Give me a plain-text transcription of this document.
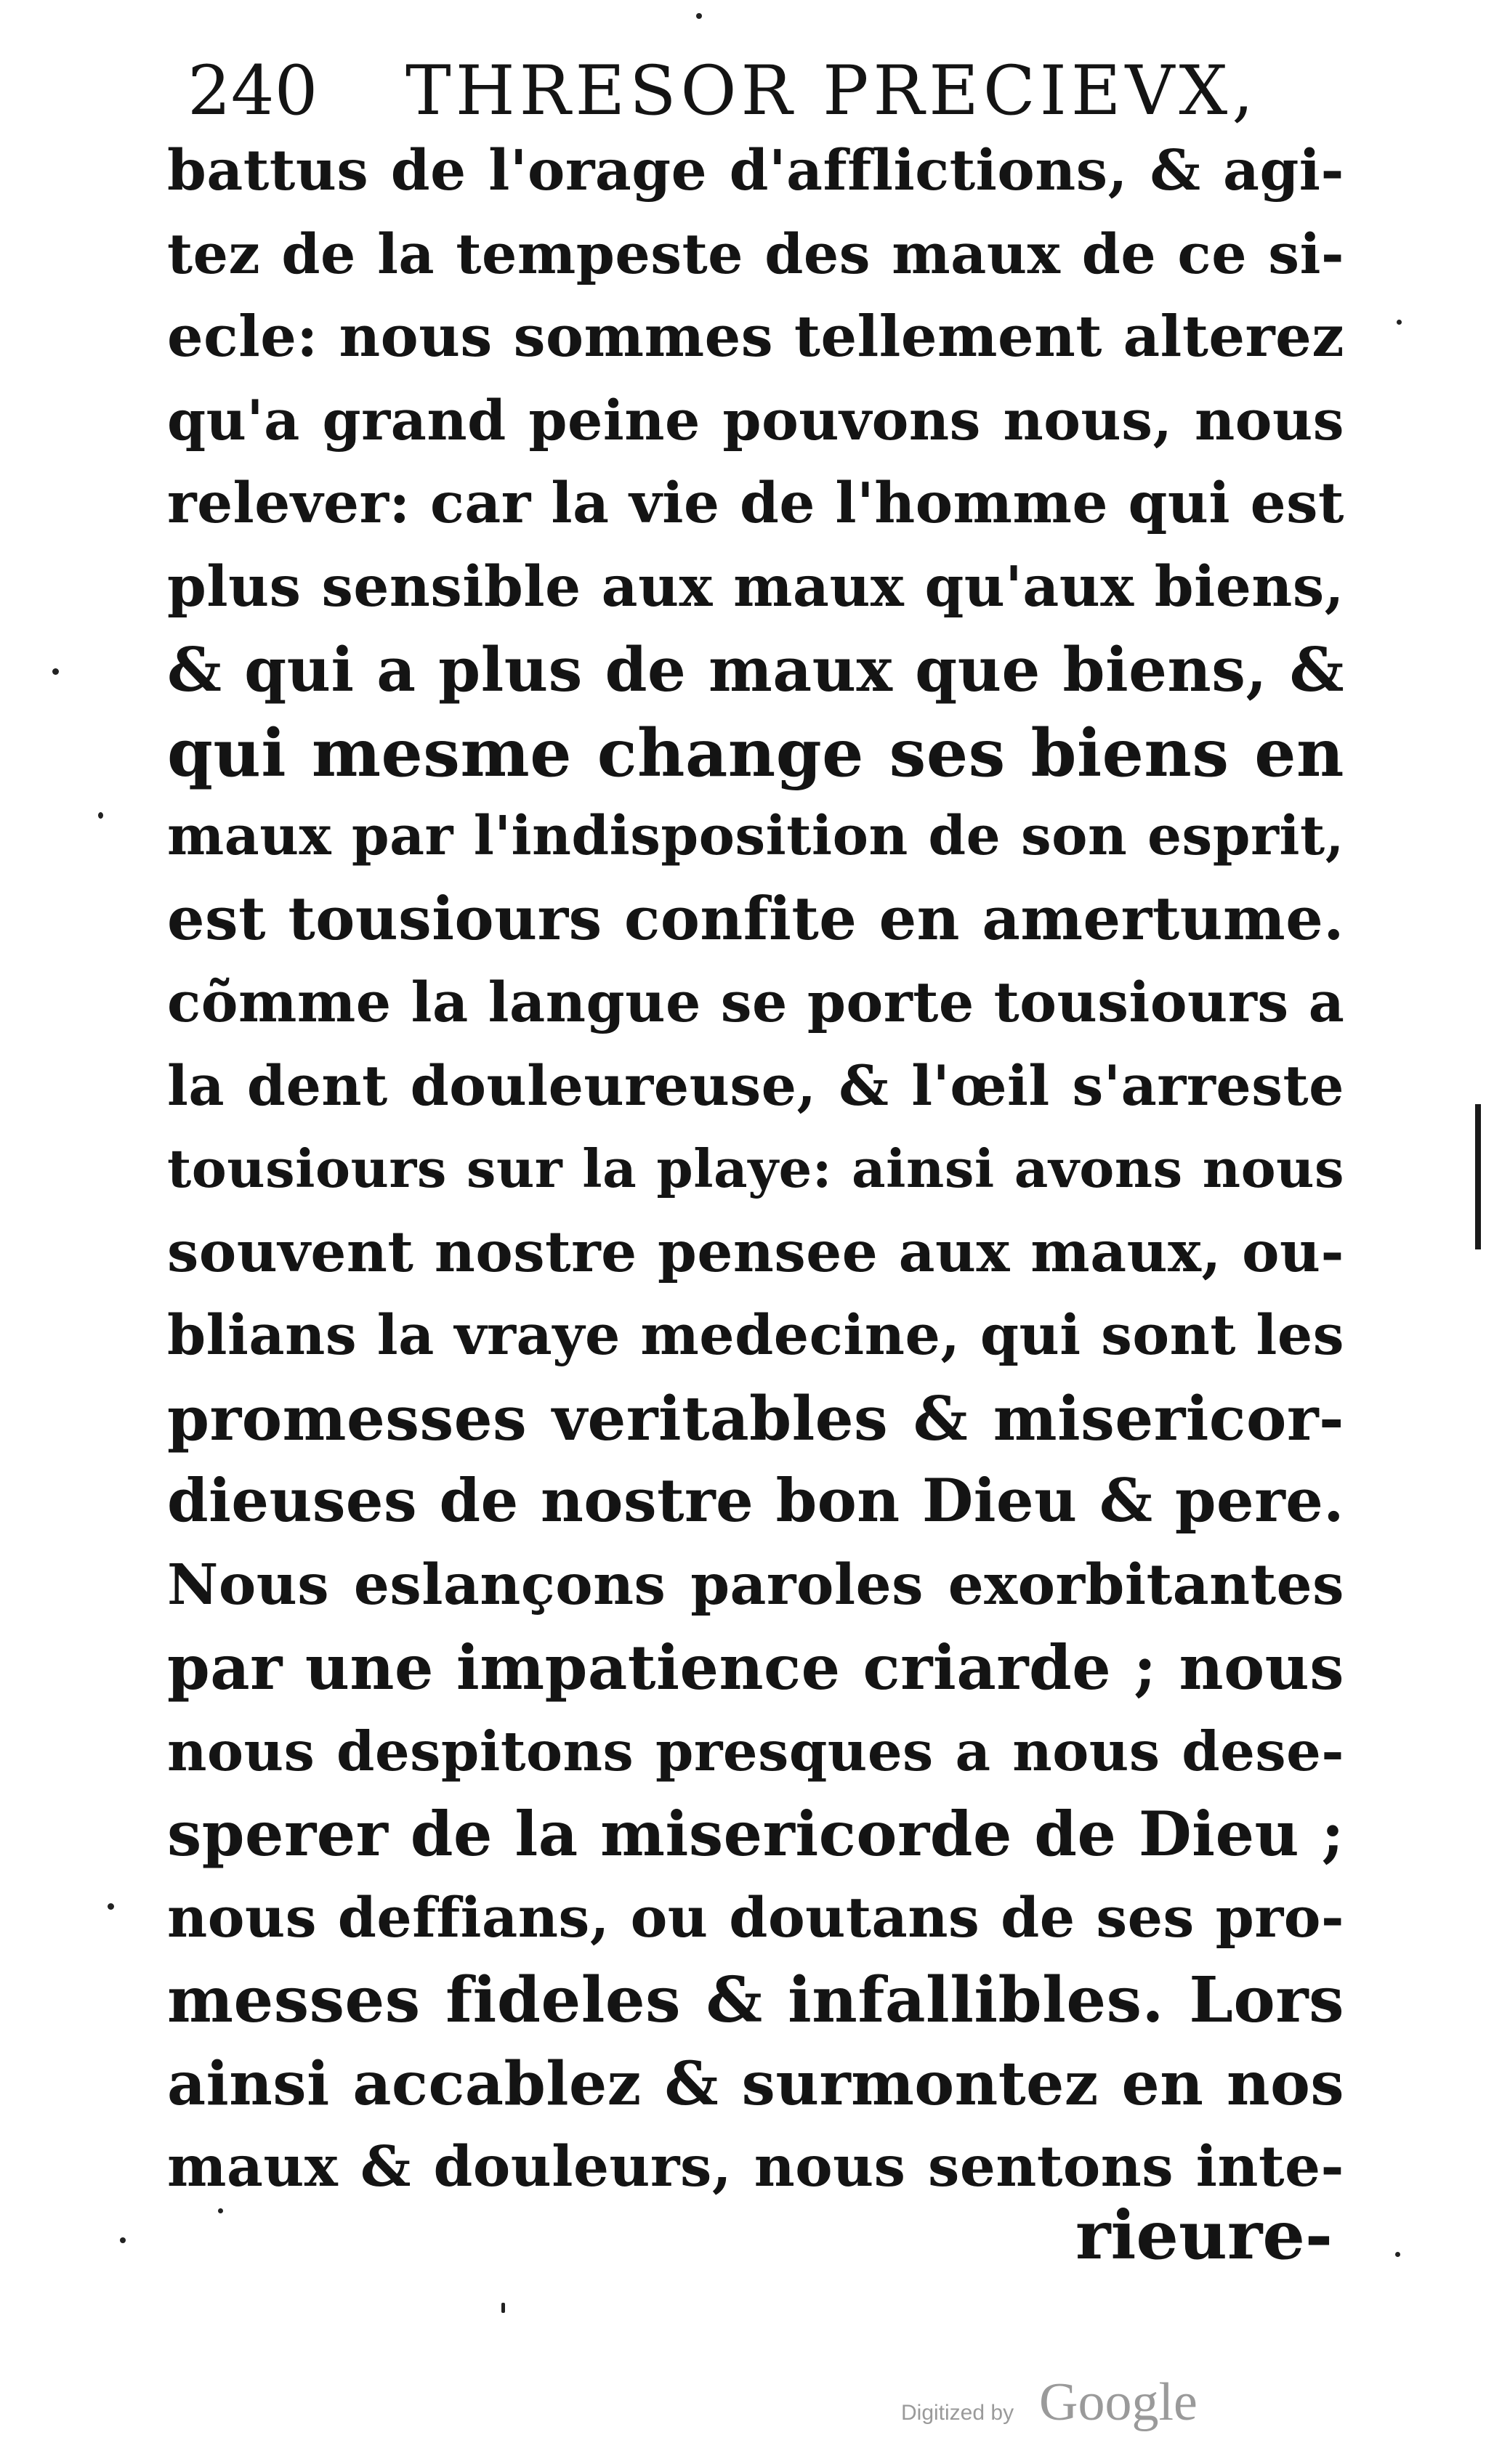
240 THRESOR PRECIEVX,
battus de l'orage d'afflictions, & agi-
tez de la tempeste des maux de ce si-
ecle: nous sommes tellement alterez
qu'a grand peine pouvons nous, nous
relever: car la vie de l'homme qui est
plus sensible aux maux qu'aux biens,
& qui a plus de maux que biens, &
qui mesme change ses biens en
maux par l'indisposition de son esprit,
est tousiours confite en amertume.
cõmme la langue se porte tousiours a
la dent douleureuse, & l'œil s'arreste
tousiours sur la playe: ainsi avons nous
souvent nostre pensee aux maux, ou-
blians la vraye medecine, qui sont les
promesses veritables & misericor-
dieuses de nostre bon Dieu & pere.
Nous eslançons paroles exorbitantes
par une impatience criarde ; nous
nous despitons presques a nous dese-
sperer de la misericorde de Dieu ;
nous deffians, ou doutans de ses pro-
messes fideles & infallibles. Lors
ainsi accablez & surmontez en nos
maux & douleurs, nous sentons inte-
rieure-
Digitized by Google
